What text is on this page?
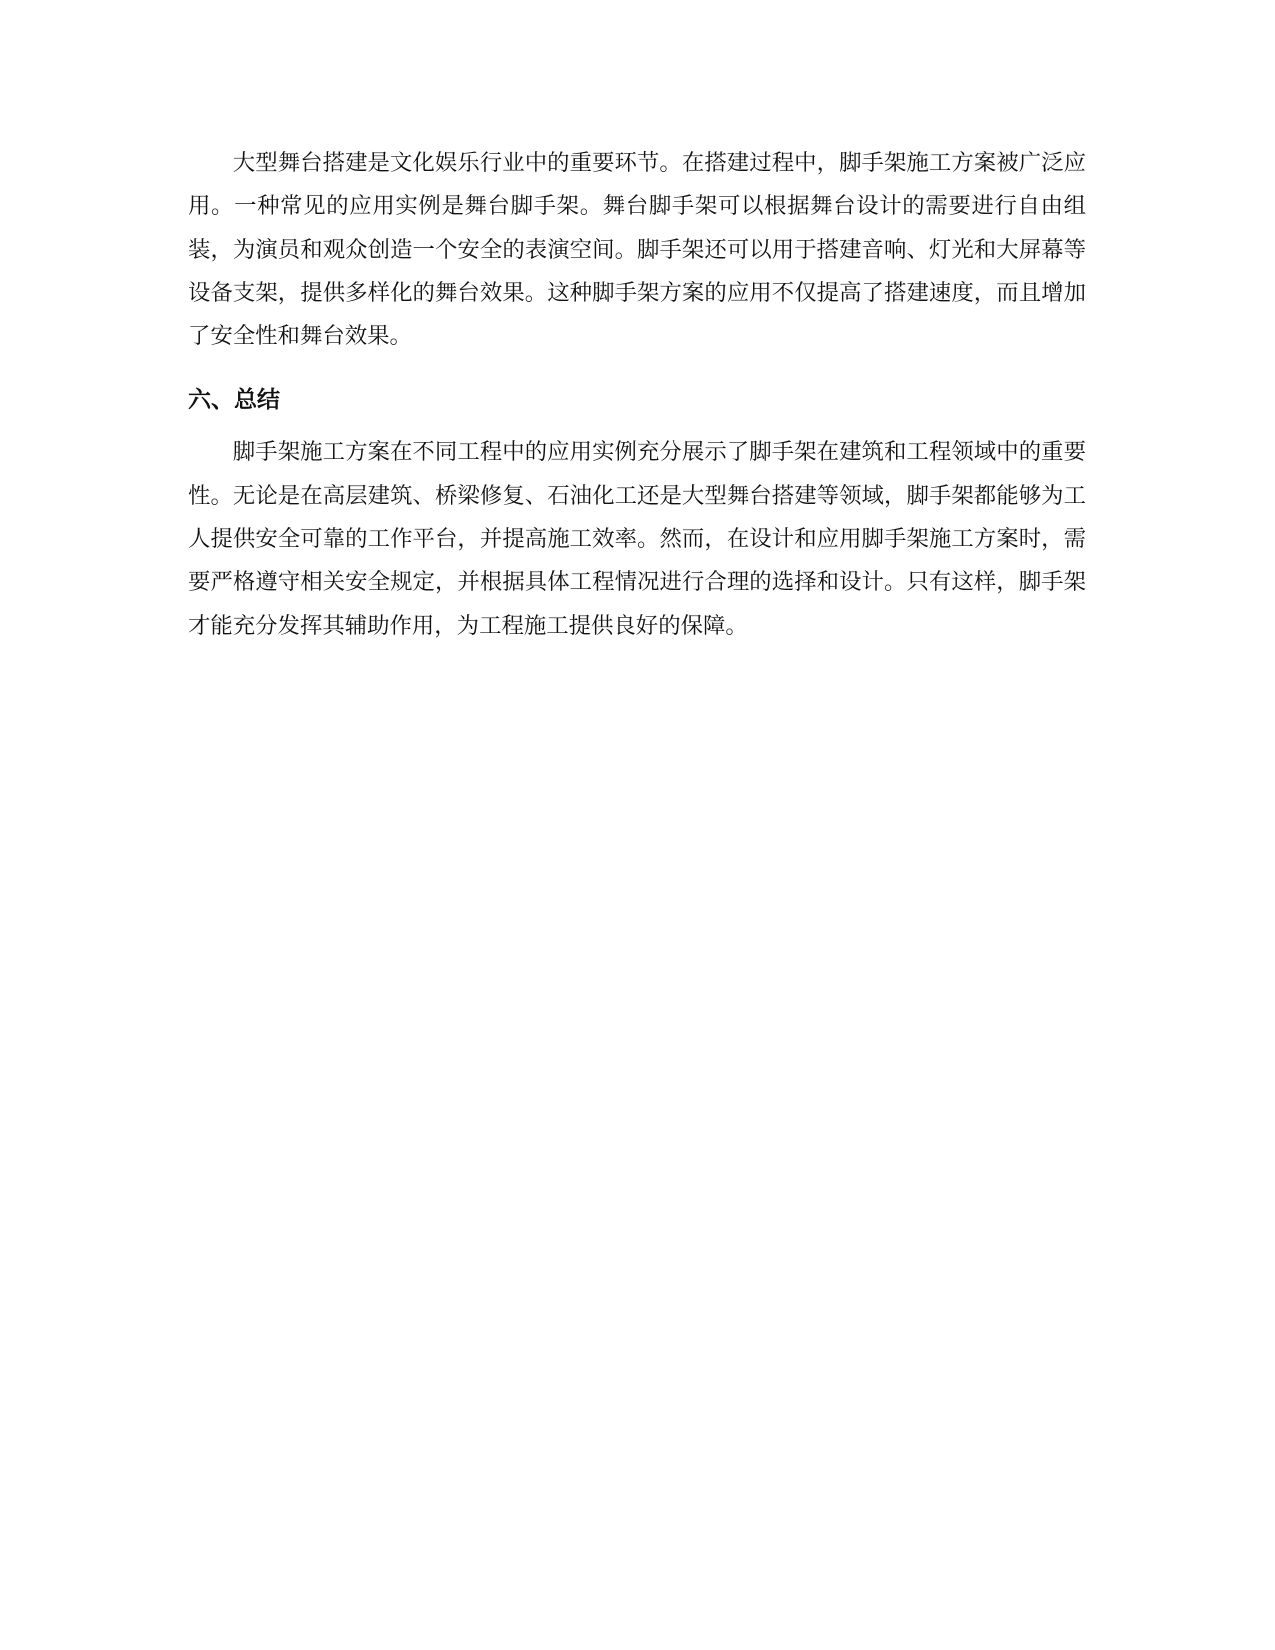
大型舞台搭建是文化娱乐行业中的重要环节。在搭建过程中，脚手架施工方案被广泛应用。一种常见的应用实例是舞台脚手架。舞台脚手架可以根据舞台设计的需要进行自由组装，为演员和观众创造一个安全的表演空间。脚手架还可以用于搭建音响、灯光和大屏幕等设备支架，提供多样化的舞台效果。这种脚手架方案的应用不仅提高了搭建速度，而且增加了安全性和舞台效果。

六、总结

脚手架施工方案在不同工程中的应用实例充分展示了脚手架在建筑和工程领域中的重要性。无论是在高层建筑、桥梁修复、石油化工还是大型舞台搭建等领域，脚手架都能够为工人提供安全可靠的工作平台，并提高施工效率。然而，在设计和应用脚手架施工方案时，需要严格遵守相关安全规定，并根据具体工程情况进行合理的选择和设计。只有这样，脚手架才能充分发挥其辅助作用，为工程施工提供良好的保障。
